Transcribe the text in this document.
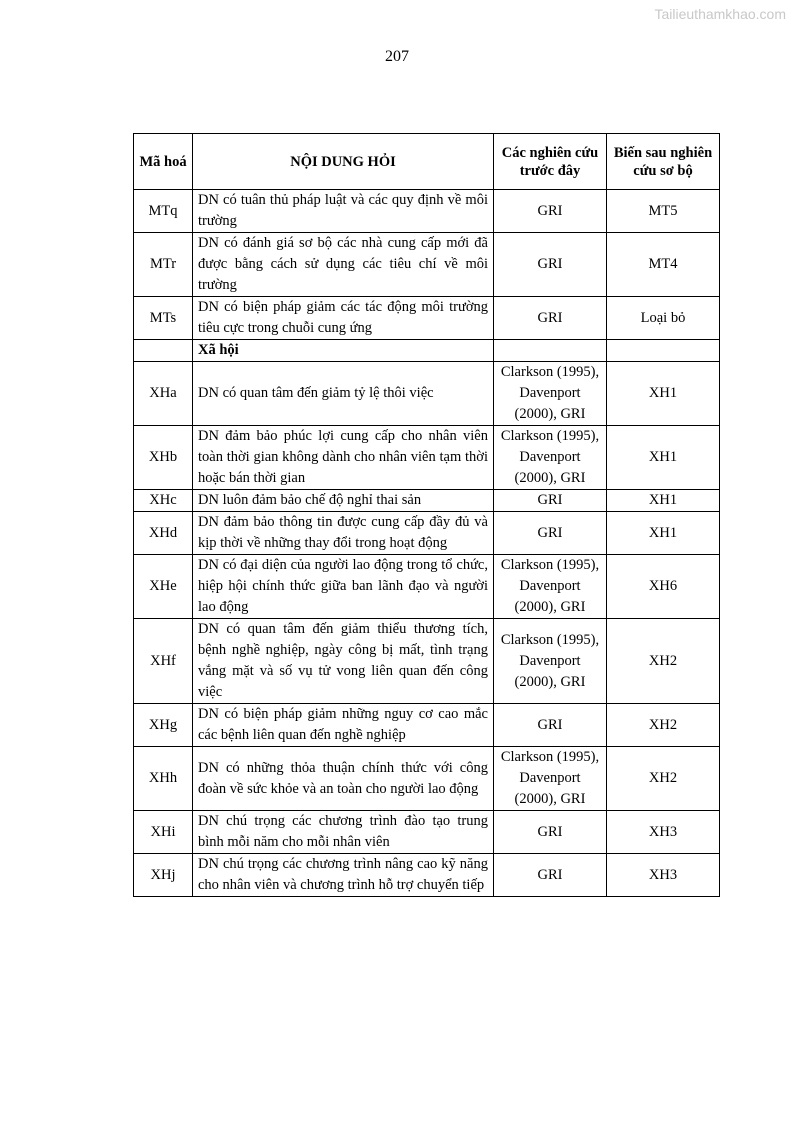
Tailieuthamkhao.com
207
Mã hoá	NỘI DUNG HỎI	Các nghiên cứu trước đây	Biến sau nghiên cứu sơ bộ
MTq	DN có tuân thủ pháp luật và các quy định về môi trường	GRI	MT5
MTr	DN có đánh giá sơ bộ các nhà cung cấp mới đã được bằng cách sử dụng các tiêu chí về môi trường	GRI	MT4
MTs	DN có biện pháp giảm các tác động môi trường tiêu cực trong chuỗi cung ứng	GRI	Loại bỏ
	Xã hội		
XHa	DN có quan tâm đến giảm tỷ lệ thôi việc	Clarkson (1995), Davenport (2000), GRI	XH1
XHb	DN đảm bảo phúc lợi cung cấp cho nhân viên toàn thời gian không dành cho nhân viên tạm thời hoặc bán thời gian	Clarkson (1995), Davenport (2000), GRI	XH1
XHc	DN luôn đảm bảo chế độ nghỉ thai sản	GRI	XH1
XHd	DN đảm bảo thông tin được cung cấp đầy đủ và kịp thời về những thay đổi trong hoạt động	GRI	XH1
XHe	DN có đại diện của người lao động trong tổ chức, hiệp hội chính thức giữa ban lãnh đạo và người lao động	Clarkson (1995), Davenport (2000), GRI	XH6
XHf	DN có quan tâm đến giảm thiểu thương tích, bệnh nghề nghiệp, ngày công bị mất, tình trạng vắng mặt và số vụ tử vong liên quan đến công việc	Clarkson (1995), Davenport (2000), GRI	XH2
XHg	DN có biện pháp giảm những nguy cơ cao mắc các bệnh liên quan đến nghề nghiệp	GRI	XH2
XHh	DN có những thỏa thuận chính thức với công đoàn về sức khỏe và an toàn cho người lao động	Clarkson (1995), Davenport (2000), GRI	XH2
XHi	DN chú trọng các chương trình đào tạo trung bình mỗi năm cho mỗi nhân viên	GRI	XH3
XHj	DN chú trọng các chương trình nâng cao kỹ năng cho nhân viên và chương trình hỗ trợ chuyển tiếp	GRI	XH3
